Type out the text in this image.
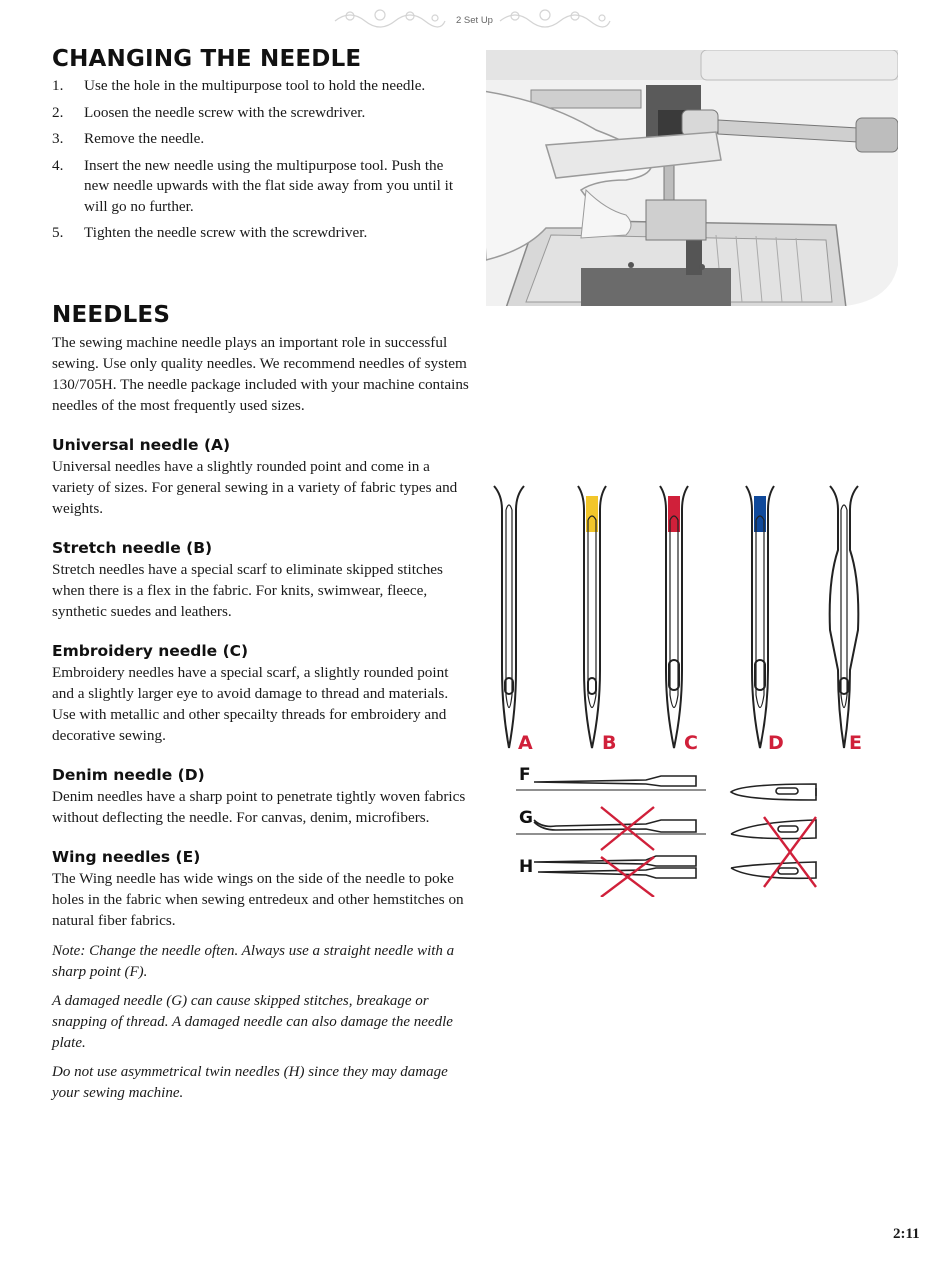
2 Set Up
CHANGING THE NEEDLE
1.	Use the hole in the multipurpose tool to hold the needle.
2.	Loosen the needle screw with the screwdriver.
3.	Remove the needle.
4.	Insert the new needle using the multipurpose tool. Push the new needle upwards with the flat side away from you until it will go no further.
5.	Tighten the needle screw with the screwdriver.
NEEDLES

The sewing machine needle plays an important role in successful sewing. Use only quality needles. We recommend needles of system 130/705H. The needle package included with your machine contains needles of the most frequently used sizes.

Universal needle (A)

Universal needles have a slightly rounded point and come in a variety of sizes. For general sewing in a variety of fabric types and weights.

Stretch needle (B)

Stretch needles have a special scarf to eliminate skipped stitches when there is a flex in the fabric. For knits, swimwear, fleece, synthetic suedes and leathers.

Embroidery needle (C)

Embroidery needles have a special scarf, a slightly rounded point and a slightly larger eye to avoid damage to thread and materials. Use with metallic and other specailty threads for embroidery and decorative sewing.

Denim needle (D)

Denim needles have a sharp point to penetrate tightly woven fabrics without deflecting the needle. For canvas, denim, microfibers.

Wing needles (E)

The Wing needle has wide wings on the side of the needle to poke holes in the fabric when sewing entredeux and other hemstitches on natural fiber fabrics.

Note: Change the needle often. Always use a straight needle with a sharp point (F).

A damaged needle (G) can cause skipped stitches, breakage or snapping of thread. A damaged needle can also damage the needle plate.

Do not use asymmetrical twin needles (H) since they may damage your sewing machine.

A	B	C	D	E
F
G
H
2:11
